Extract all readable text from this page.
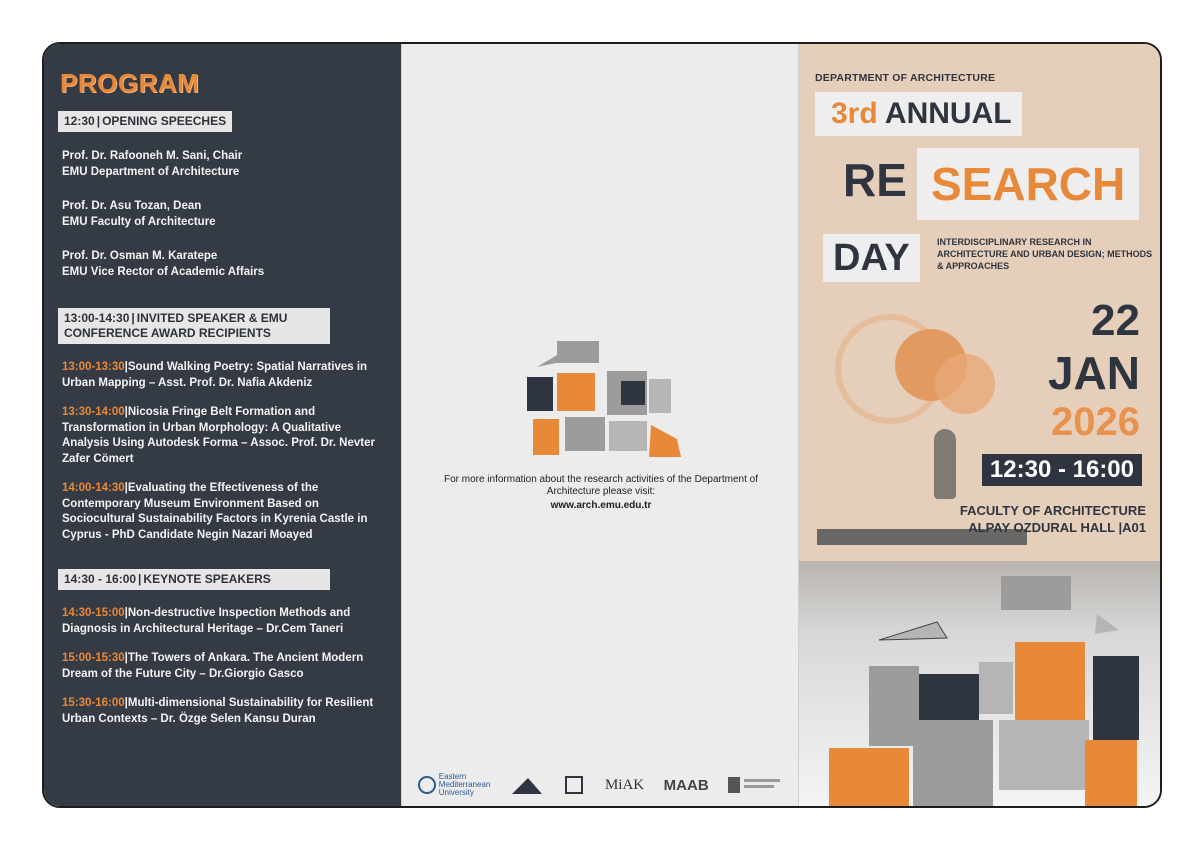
PROGRAM
12:30 | OPENING SPEECHES
Prof. Dr. Rafooneh M. Sani, Chair
EMU Department of Architecture
Prof. Dr. Asu Tozan, Dean
EMU Faculty of Architecture
Prof. Dr. Osman M. Karatepe
EMU Vice Rector of Academic Affairs
13:00-14:30 | INVITED SPEAKER & EMU
CONFERENCE AWARD RECIPIENTS
13:00-13:30|Sound Walking Poetry: Spatial Narratives in Urban Mapping – Asst. Prof. Dr. Nafia Akdeniz
13:30-14:00|Nicosia Fringe Belt Formation and Transformation in Urban Morphology: A Qualitative Analysis Using Autodesk Forma – Assoc. Prof. Dr. Nevter Zafer Cömert
14:00-14:30|Evaluating the Effectiveness of the Contemporary Museum Environment Based on Sociocultural Sustainability Factors in Kyrenia Castle in Cyprus - PhD Candidate Negin Nazari Moayed
14:30 - 16:00 | KEYNOTE SPEAKERS
14:30-15:00|Non-destructive Inspection Methods and Diagnosis in Architectural Heritage – Dr.Cem Taneri
15:00-15:30|The Towers of Ankara. The Ancient Modern Dream of the Future City – Dr.Giorgio Gasco
15:30-16:00|Multi-dimensional Sustainability for Resilient Urban Contexts – Dr. Özge Selen Kansu Duran
For more information about the research activities of the Department of Architecture please visit:
www.arch.emu.edu.tr
Eastern
Mediterranean
University	MiAK MAAB
DEPARTMENT OF ARCHITECTURE
3rd ANNUAL
RE SEARCH
DAY	INTERDISCIPLINARY RESEARCH IN ARCHITECTURE AND URBAN DESIGN; METHODS & APPROACHES
22
JAN
2026
12:30 - 16:00
FACULTY OF ARCHITECTURE
ALPAY OZDURAL HALL |A01
